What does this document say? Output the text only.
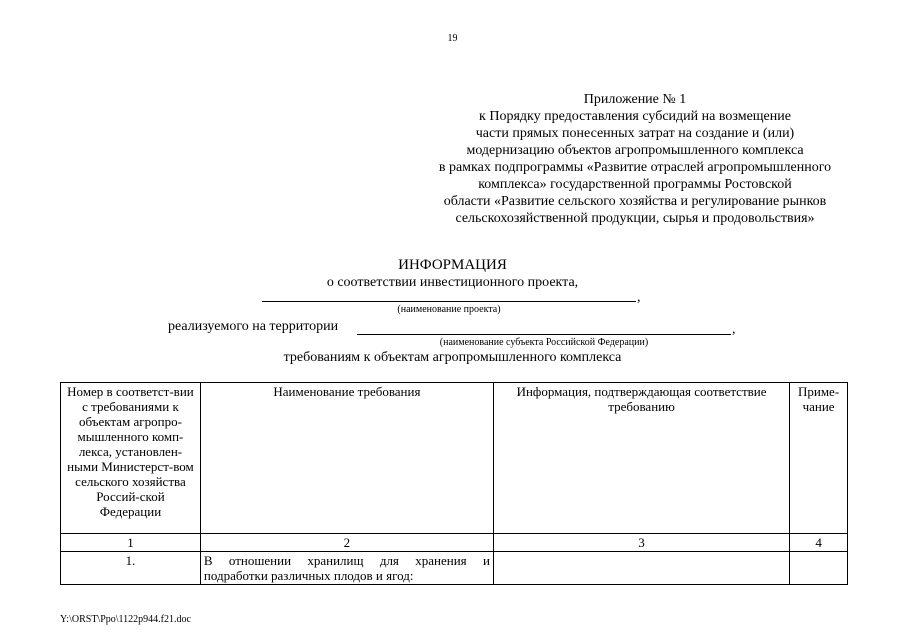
19
Приложение № 1
к Порядку предоставления субсидий на возмещение
части прямых понесенных затрат на создание и (или)
модернизацию объектов агропромышленного комплекса
в рамках подпрограммы «Развитие отраслей агропромышленного
комплекса» государственной программы Ростовской
области «Развитие сельского хозяйства и регулирование рынков
сельскохозяйственной продукции, сырья и продовольствия»
ИНФОРМАЦИЯ
о соответствии инвестиционного проекта,
,
(наименование проекта)
реализуемого на территории	,
(наименование субъекта Российской Федерации)
требованиям к объектам агропромышленного комплекса
Номер в соответст-вии с требованиями к объектам агропро-мышленного комп-лекса, установлен-ными Министерст-вом сельского хозяйства Россий-ской Федерации	Наименование требования	Информация, подтверждающая соответствие требованию	Приме-чание
1	2	3	4
1.	В отношении хранилищ для хранения и подработки различных плодов и ягод:		
Y:\ORST\Ppo\1122p944.f21.doc
